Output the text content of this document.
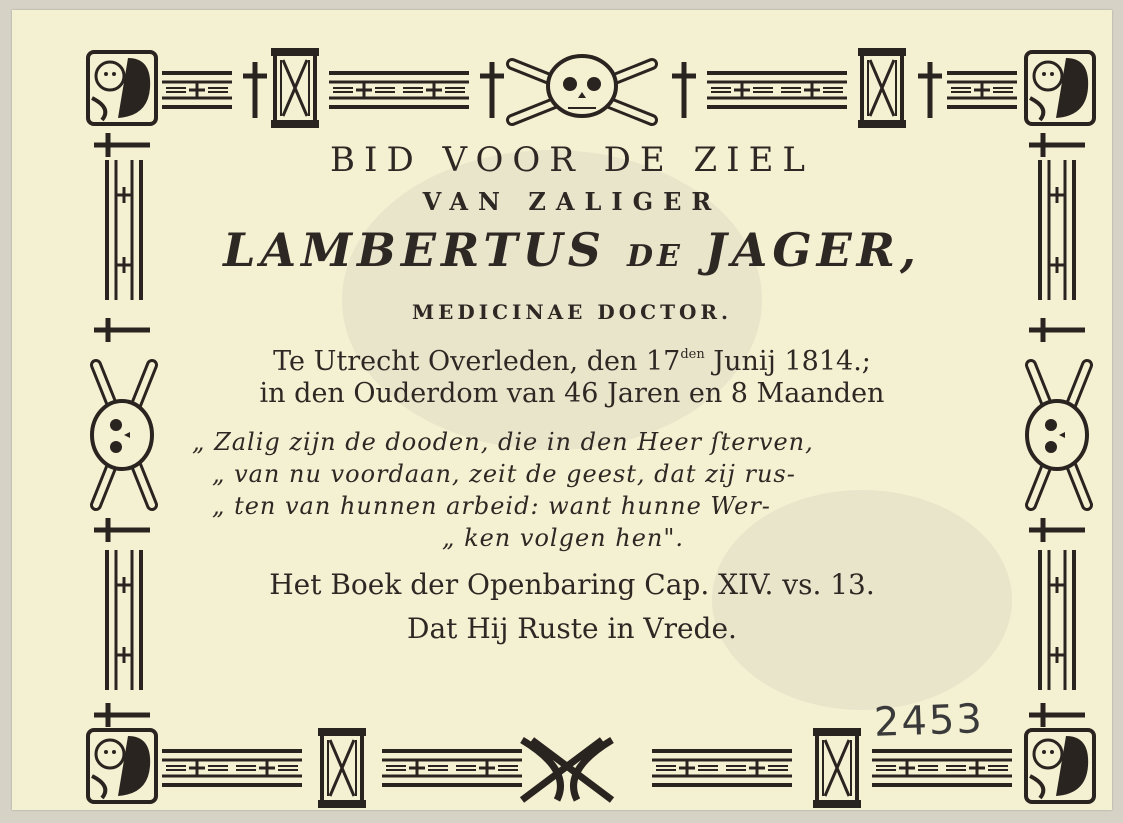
BID VOOR DE ZIEL

VAN ZALIGER

LAMBERTUS DE JAGER,

MEDICINAE DOCTOR.

Te Utrecht Overleden, den $17^{den}$ Junij 1814.;

in den Ouderdom van 46 Jaren en 8 Maanden

„ Zalig zijn de dooden, die in den Heer ſterven,
„ van nu voordaan, zeit de geest, dat zij rus-
„ ten van hunnen arbeid: want hunne Wer-
„ ken volgen hen".

Het Boek der Openbaring Cap. XIV. vs. 13.

Dat Hij Ruste in Vrede.

2453
